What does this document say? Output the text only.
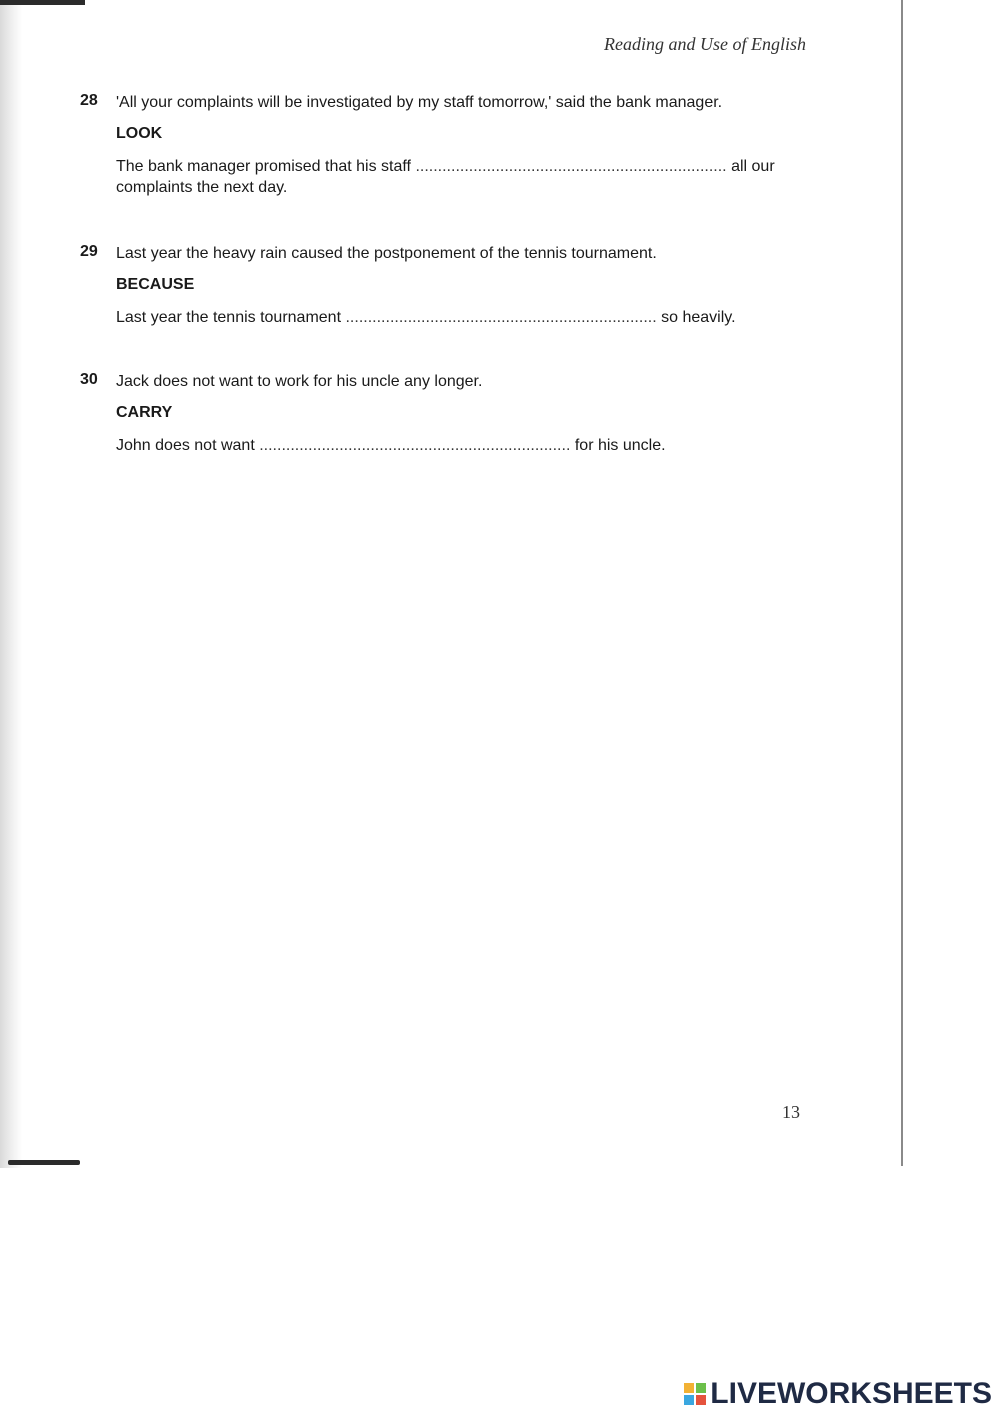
Reading and Use of English
28 'All your complaints will be investigated by my staff tomorrow,' said the bank manager.
LOOK
The bank manager promised that his staff ...................................................................... all our complaints the next day.
29 Last year the heavy rain caused the postponement of the tennis tournament.
BECAUSE
Last year the tennis tournament ...................................................................... so heavily.
30 Jack does not want to work for his uncle any longer.
CARRY
John does not want ...................................................................... for his uncle.
13
LIVEWORKSHEETS
